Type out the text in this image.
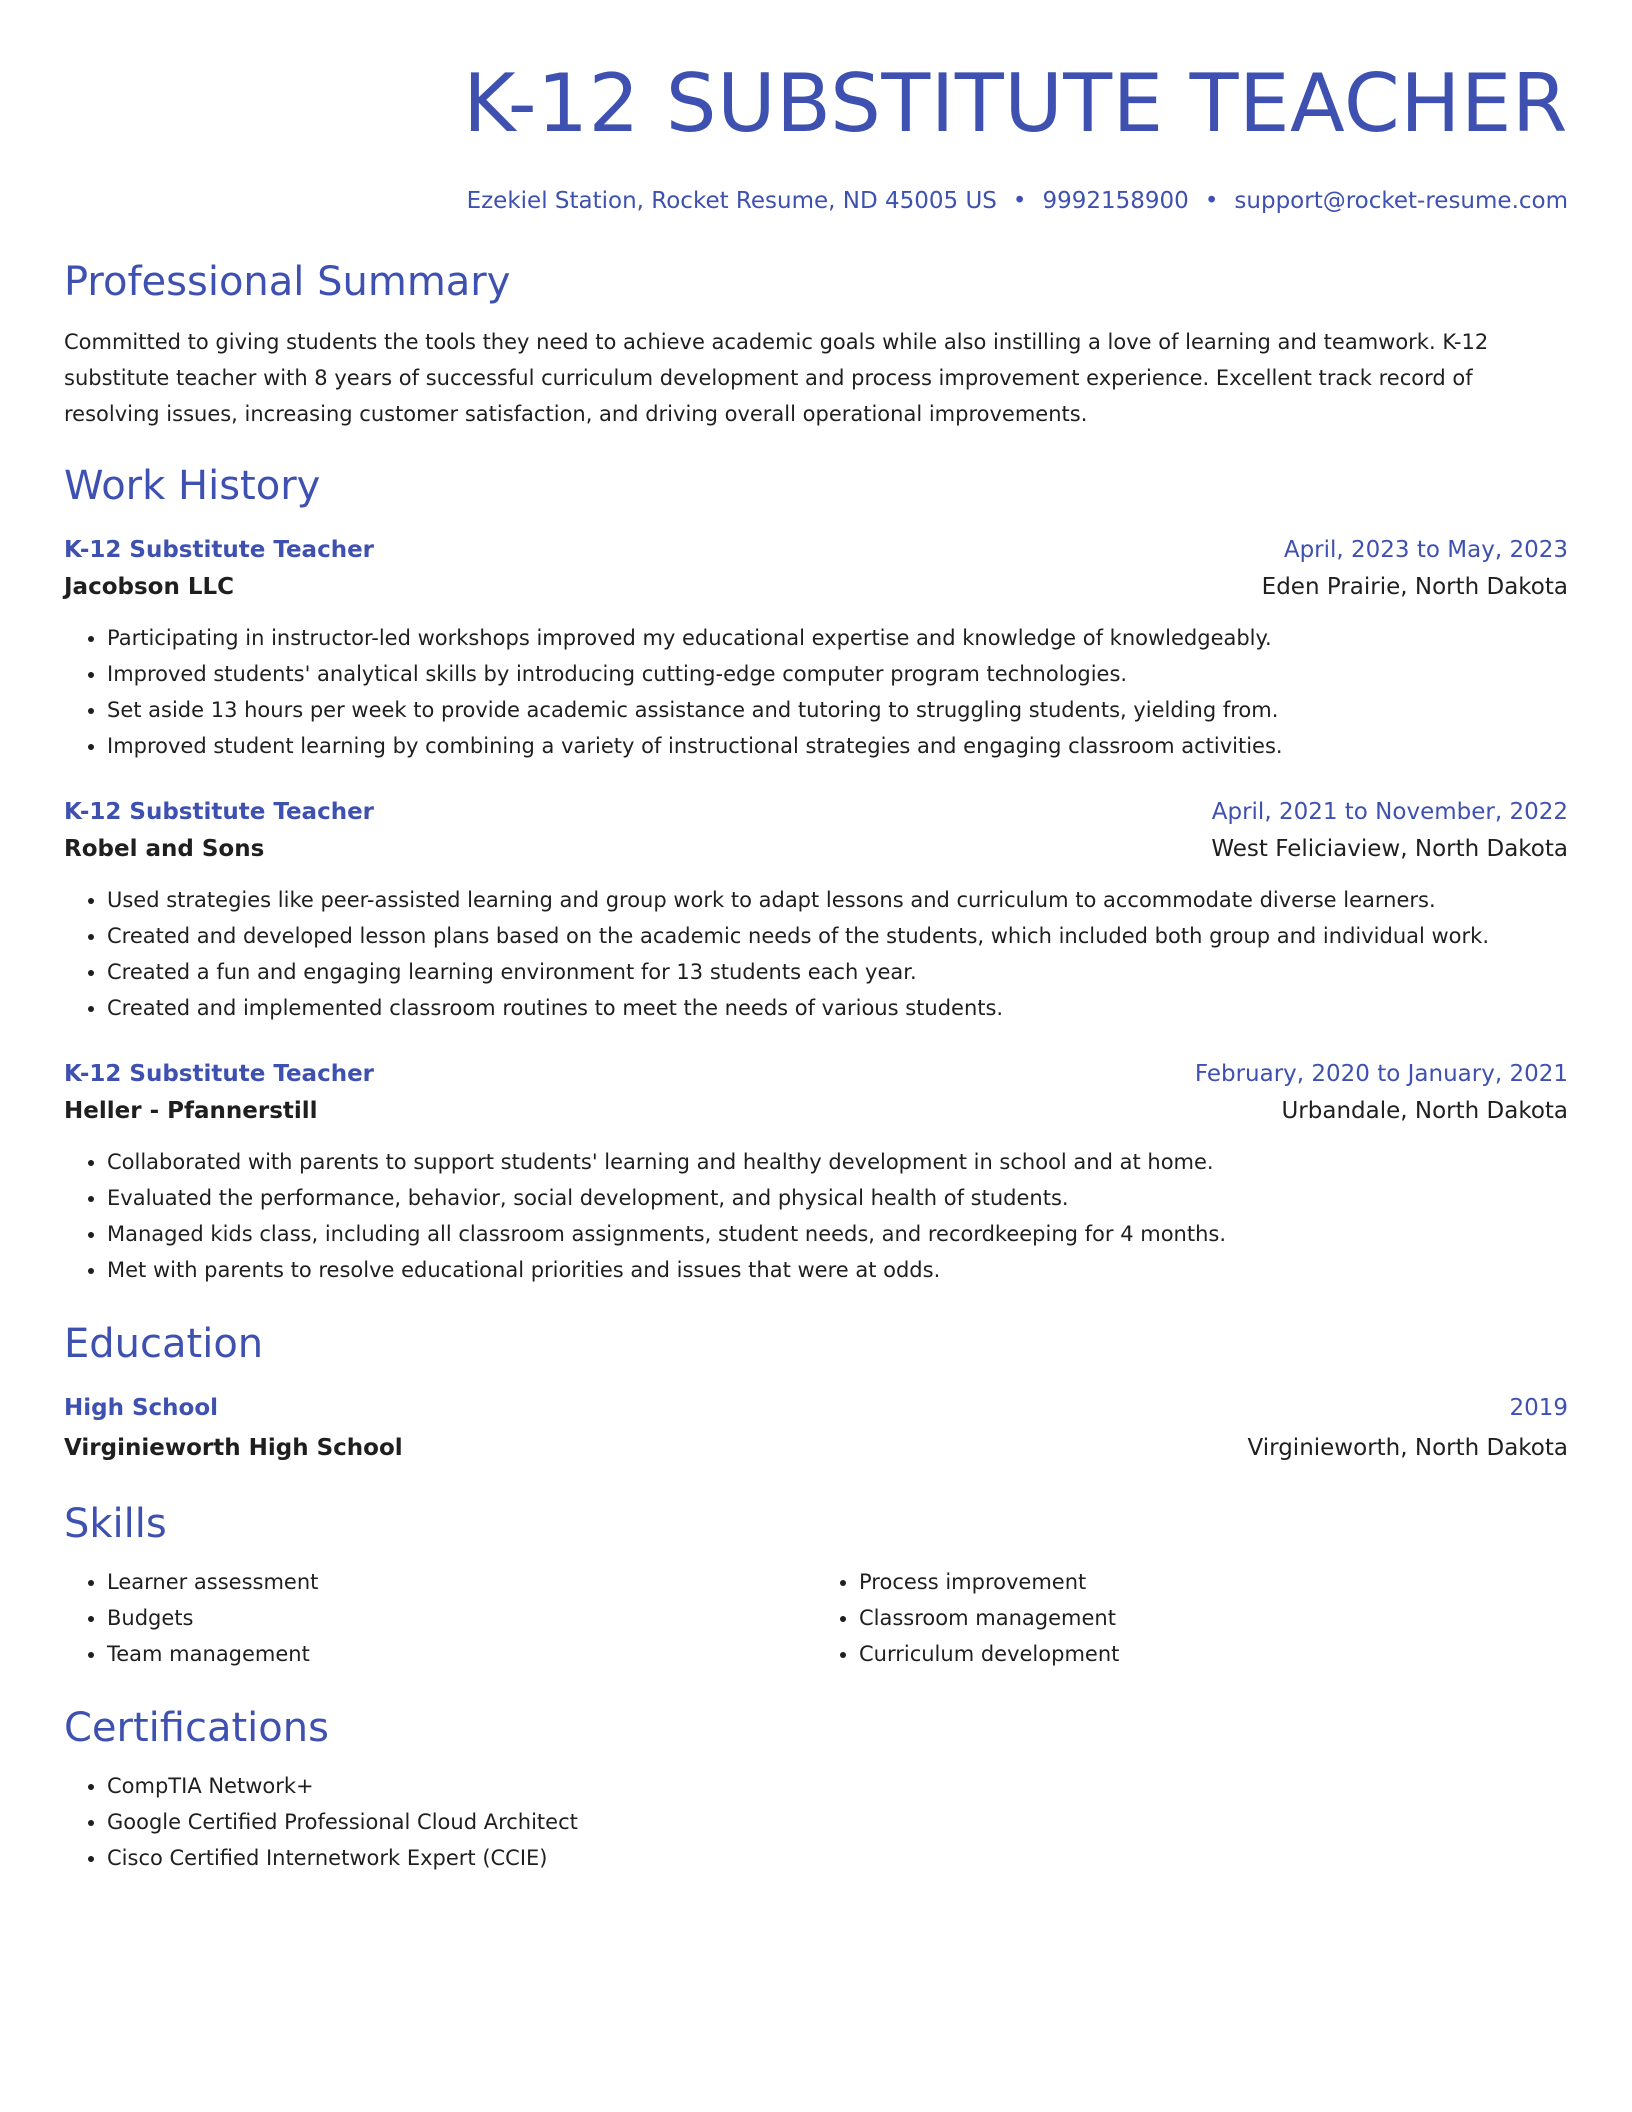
K-12 SUBSTITUTE TEACHER
Ezekiel Station, Rocket Resume, ND 45005 US • 9992158900 • support@rocket-resume.com
Professional Summary
Committed to giving students the tools they need to achieve academic goals while also instilling a love of learning and teamwork. K-12 substitute teacher with 8 years of successful curriculum development and process improvement experience. Excellent track record of resolving issues, increasing customer satisfaction, and driving overall operational improvements.
Work History
K-12 Substitute Teacher	April, 2023 to May, 2023
Jacobson LLC	Eden Prairie, North Dakota
• Participating in instructor-led workshops improved my educational expertise and knowledge of knowledgeably.
• Improved students' analytical skills by introducing cutting-edge computer program technologies.
• Set aside 13 hours per week to provide academic assistance and tutoring to struggling students, yielding from.
• Improved student learning by combining a variety of instructional strategies and engaging classroom activities.
K-12 Substitute Teacher	April, 2021 to November, 2022
Robel and Sons	West Feliciaview, North Dakota
• Used strategies like peer-assisted learning and group work to adapt lessons and curriculum to accommodate diverse learners.
• Created and developed lesson plans based on the academic needs of the students, which included both group and individual work.
• Created a fun and engaging learning environment for 13 students each year.
• Created and implemented classroom routines to meet the needs of various students.
K-12 Substitute Teacher	February, 2020 to January, 2021
Heller - Pfannerstill	Urbandale, North Dakota
• Collaborated with parents to support students' learning and healthy development in school and at home.
• Evaluated the performance, behavior, social development, and physical health of students.
• Managed kids class, including all classroom assignments, student needs, and recordkeeping for 4 months.
• Met with parents to resolve educational priorities and issues that were at odds.
Education
High School	2019
Virginieworth High School	Virginieworth, North Dakota
Skills
• Learner assessment
• Budgets
• Team management
• Process improvement
• Classroom management
• Curriculum development
Certifications
• CompTIA Network+
• Google Certified Professional Cloud Architect
• Cisco Certified Internetwork Expert (CCIE)
